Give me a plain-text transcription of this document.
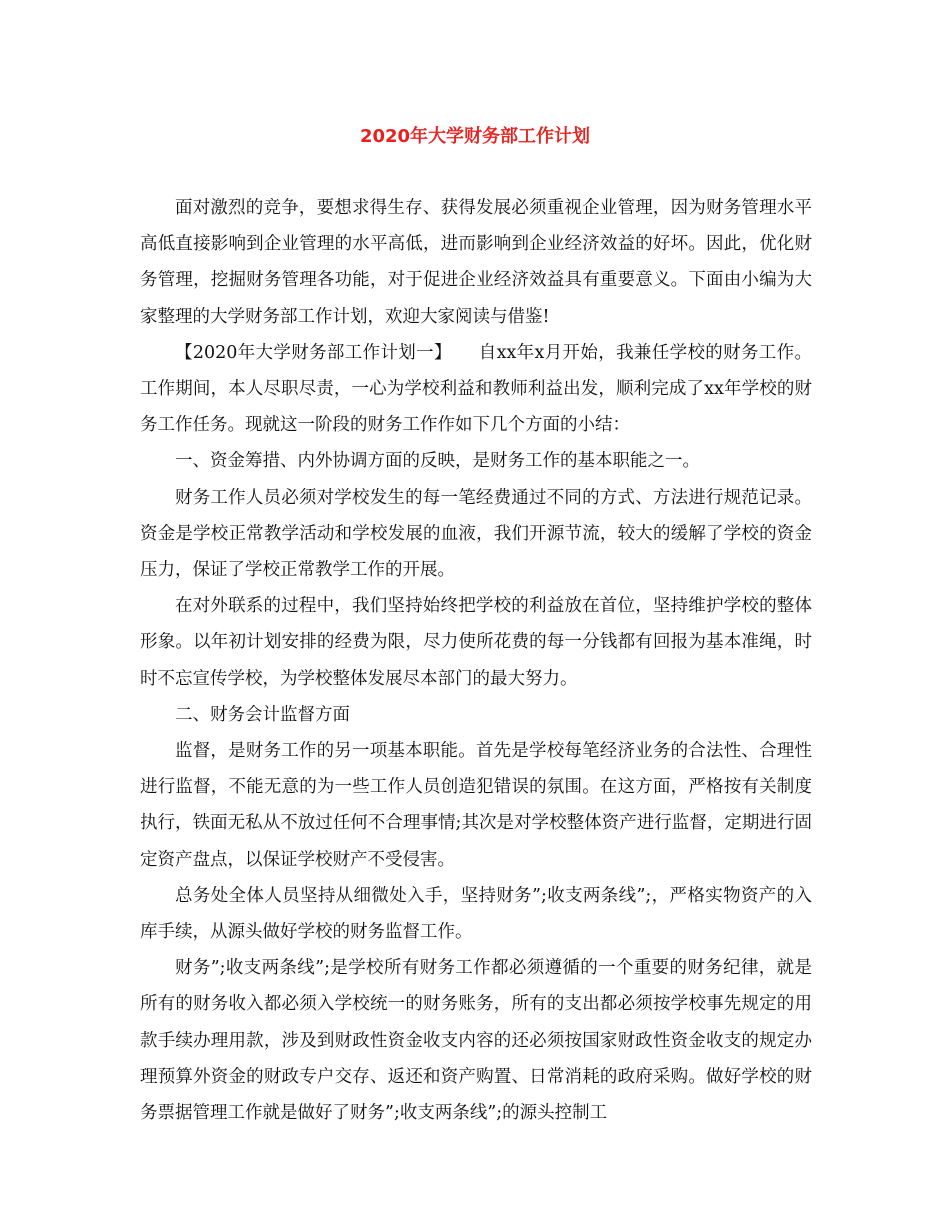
2020年大学财务部工作计划

面对激烈的竞争，要想求得生存、获得发展必须重视企业管理，因为财务管理水平高低直接影响到企业管理的水平高低，进而影响到企业经济效益的好坏。因此，优化财务管理，挖掘财务管理各功能，对于促进企业经济效益具有重要意义。下面由小编为大家整理的大学财务部工作计划，欢迎大家阅读与借鉴!

【2020年大学财务部工作计划一】　　自xx年x月开始，我兼任学校的财务工作。工作期间，本人尽职尽责，一心为学校利益和教师利益出发，顺利完成了xx年学校的财务工作任务。现就这一阶段的财务工作作如下几个方面的小结：

一、资金筹措、内外协调方面的反映，是财务工作的基本职能之一。

财务工作人员必须对学校发生的每一笔经费通过不同的方式、方法进行规范记录。资金是学校正常教学活动和学校发展的血液，我们开源节流，较大的缓解了学校的资金压力，保证了学校正常教学工作的开展。

在对外联系的过程中，我们坚持始终把学校的利益放在首位，坚持维护学校的整体形象。以年初计划安排的经费为限，尽力使所花费的每一分钱都有回报为基本准绳，时时不忘宣传学校，为学校整体发展尽本部门的最大努力。

二、财务会计监督方面

监督，是财务工作的另一项基本职能。首先是学校每笔经济业务的合法性、合理性进行监督，不能无意的为一些工作人员创造犯错误的氛围。在这方面，严格按有关制度执行，铁面无私从不放过任何不合理事情;其次是对学校整体资产进行监督，定期进行固定资产盘点，以保证学校财产不受侵害。

总务处全体人员坚持从细微处入手，坚持财务”;收支两条线”;，严格实物资产的入库手续，从源头做好学校的财务监督工作。

财务”;收支两条线”;是学校所有财务工作都必须遵循的一个重要的财务纪律，就是所有的财务收入都必须入学校统一的财务账务，所有的支出都必须按学校事先规定的用款手续办理用款，涉及到财政性资金收支内容的还必须按国家财政性资金收支的规定办理预算外资金的财政专户交存、返还和资产购置、日常消耗的政府采购。做好学校的财务票据管理工作就是做好了财务”;收支两条线”;的源头控制工
